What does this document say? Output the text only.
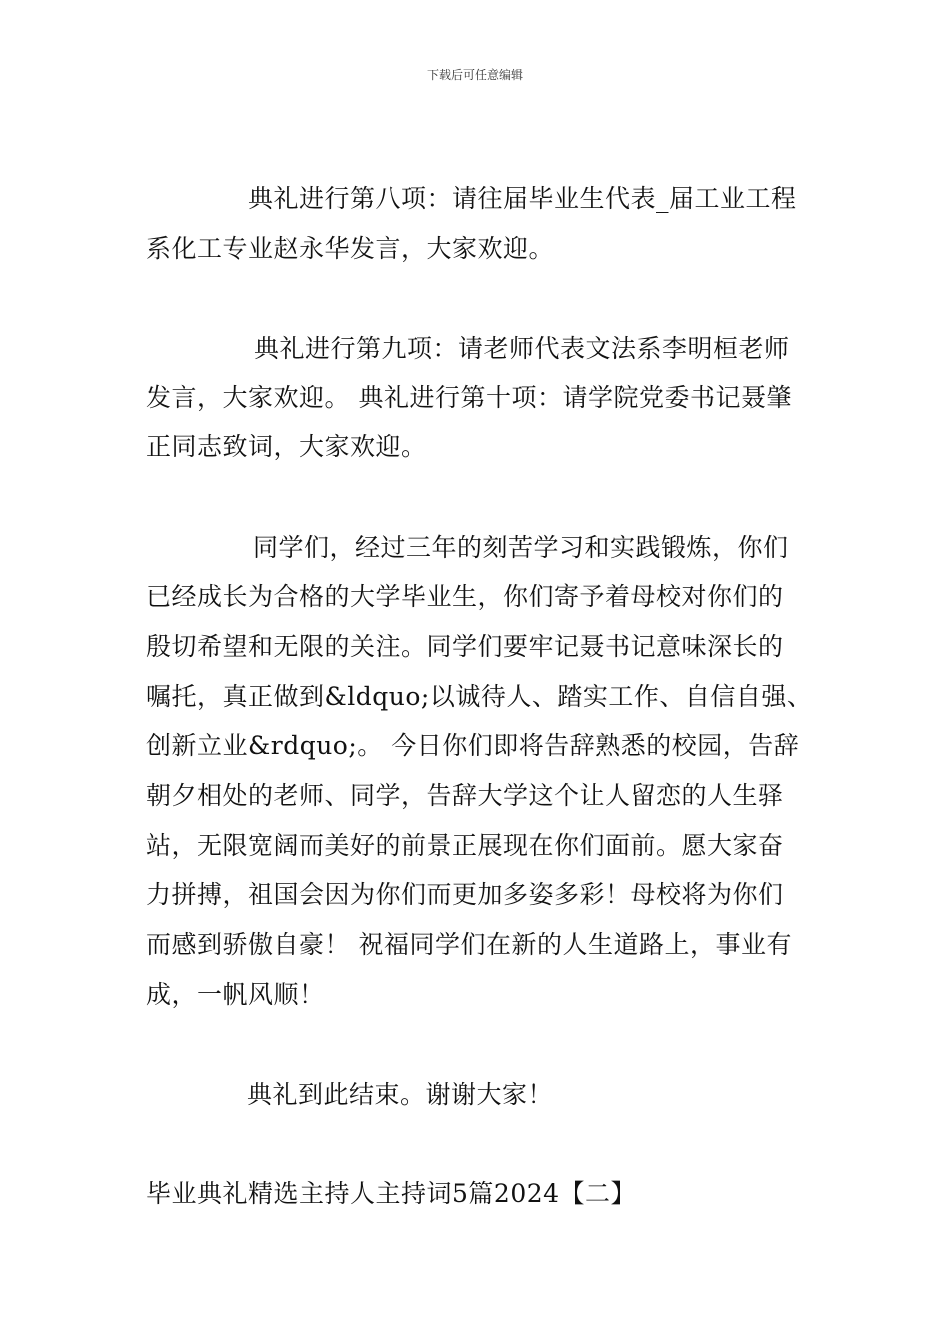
下载后可任意编辑
典礼进行第八项：请往届毕业生代表_届工业工程
系化工专业赵永华发言，大家欢迎。
典礼进行第九项：请老师代表文法系李明桓老师
发言，大家欢迎。 典礼进行第十项：请学院党委书记聂肇
正同志致词，大家欢迎。
同学们，经过三年的刻苦学习和实践锻炼，你们
已经成长为合格的大学毕业生，你们寄予着母校对你们的
殷切希望和无限的关注。同学们要牢记聂书记意味深长的
嘱托，真正做到&ldquo;以诚待人、踏实工作、自信自强、
创新立业&rdquo;。 今日你们即将告辞熟悉的校园，告辞
朝夕相处的老师、同学，告辞大学这个让人留恋的人生驿
站，无限宽阔而美好的前景正展现在你们面前。愿大家奋
力拼搏，祖国会因为你们而更加多姿多彩！母校将为你们
而感到骄傲自豪！ 祝福同学们在新的人生道路上，事业有
成，一帆风顺！
典礼到此结束。谢谢大家！
毕业典礼精选主持人主持词5篇2024【二】
